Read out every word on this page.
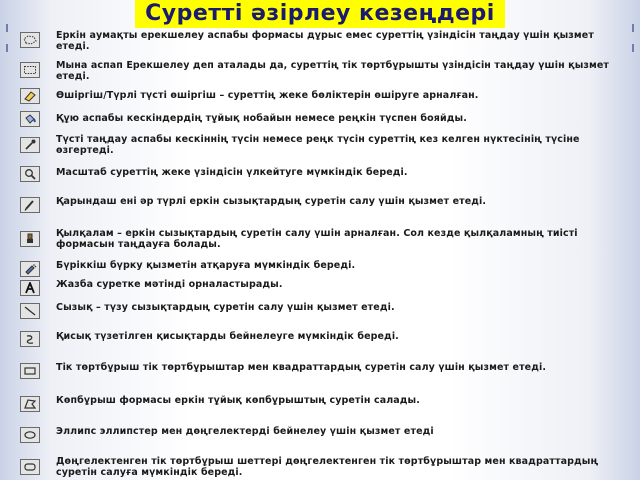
Суретті әзірлеу кезеңдері
Еркін аумақты ерекшелеу аспабы формасы дұрыс емес суреттің үзіндісін таңдау үшін қызмет етеді.
Мына аспап Ерекшелеу деп аталады да, суреттің тік төртбұрышты үзіндісін таңдау үшін қызмет етеді.
Өшіргіш/Түрлі түсті өшіргіш – суреттің жеке бөліктерін өшіруге арналған.
Құю аспабы кескіндердің тұйық нобайын немесе реңкін түспен бояйды.
Түсті таңдау аспабы кескіннің түсін немесе реңк түсін суреттің кез келген нүктесінің түсіне өзгертеді.
Масштаб суреттің жеке үзіндісін үлкейтуге мүмкіндік береді.
Қарындаш ені әр түрлі еркін сызықтардың суретін салу үшін қызмет етеді.
Қылқалам – еркін сызықтардың суретін салу үшін арналған. Сол кезде қылқаламның тиісті формасын таңдауға болады.
Бүріккіш бүрку қызметін атқаруға мүмкіндік береді.
Жазба суретке мәтінді орналастырады.
Сызық – түзу сызықтардың суретін салу үшін қызмет етеді.
Қисық түзетілген қисықтарды бейнелеуге мүмкіндік береді.
Тік төртбұрыш тік төртбұрыштар мен квадраттардың суретін салу үшін қызмет етеді.
Көпбұрыш формасы еркін тұйық көпбұрыштың суретін салады.
Эллипс эллипстер мен дөңгелектерді бейнелеу үшін қызмет етеді
Дөңгелектенген тік төртбұрыш шеттері дөңгелектенген тік төртбұрыштар мен квадраттардың суретін салуға мүмкіндік береді.
